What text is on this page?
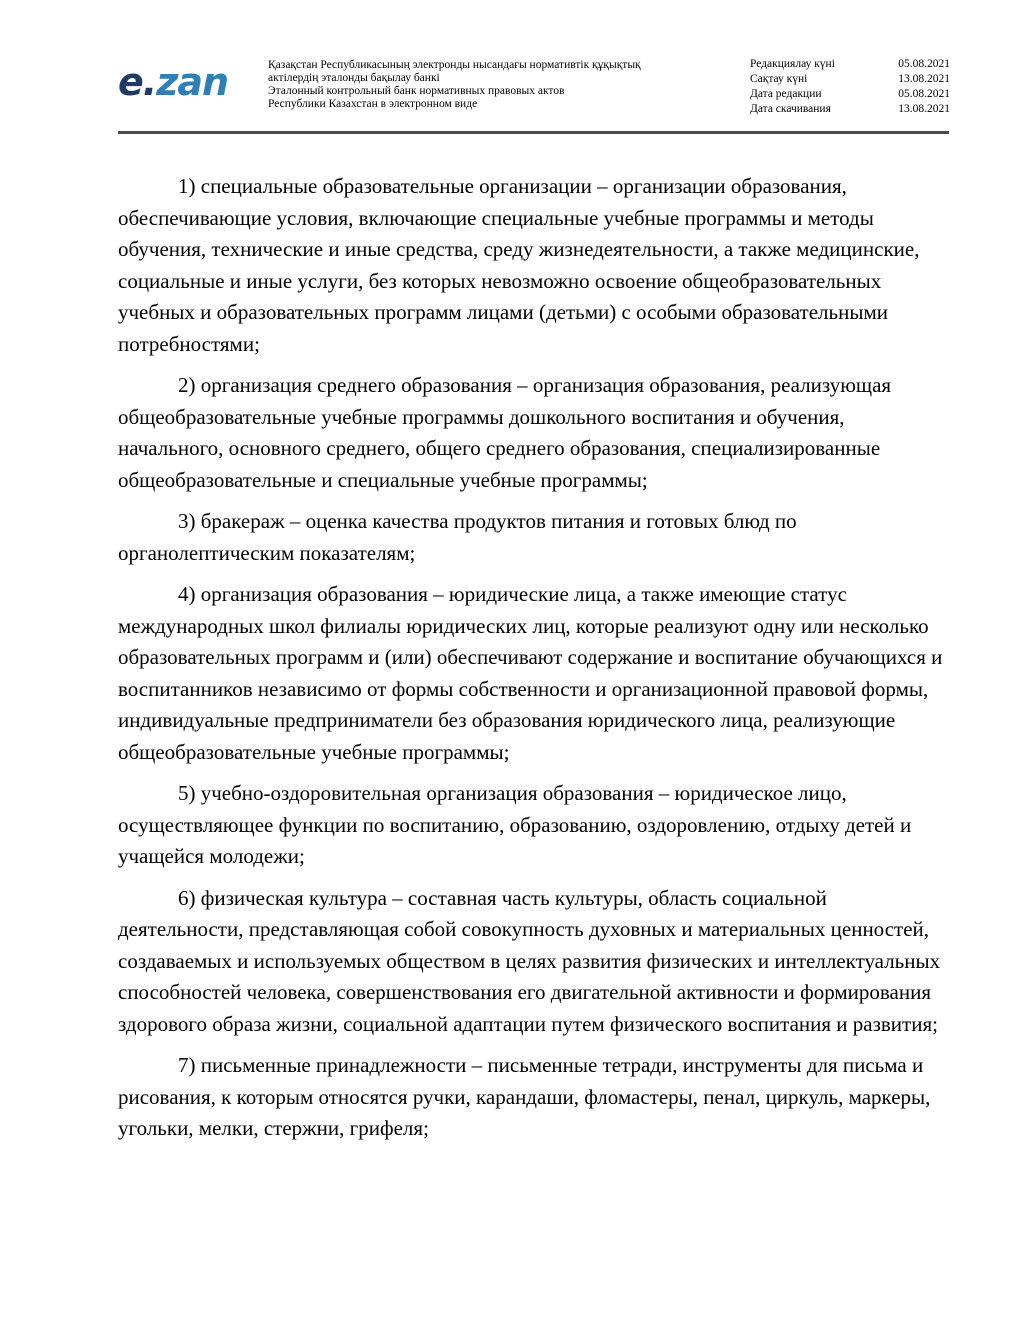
e.zan	Қазақстан Республикасының электронды нысандағы нормативтік құқықтық
актілердің эталонды бақылау банкі
Эталонный контрольный банк нормативных правовых актов
Республики Казахстан в электронном виде
Редакциялау күні	05.08.2021
Сақтау күні	13.08.2021
Дата редакции	05.08.2021
Дата скачивания	13.08.2021

1) специальные образовательные организации – организации образования, обеспечивающие условия, включающие специальные учебные программы и методы обучения, технические и иные средства, среду жизнедеятельности, а также медицинские, социальные и иные услуги, без которых невозможно освоение общеобразовательных учебных и образовательных программ лицами (детьми) с особыми образовательными потребностями;

2) организация среднего образования – организация образования, реализующая общеобразовательные учебные программы дошкольного воспитания и обучения, начального, основного среднего, общего среднего образования, специализированные общеобразовательные и специальные учебные программы;

3) бракераж – оценка качества продуктов питания и готовых блюд по органолептическим показателям;

4) организация образования – юридические лица, а также имеющие статус международных школ филиалы юридических лиц, которые реализуют одну или несколько образовательных программ и (или) обеспечивают содержание и воспитание обучающихся и воспитанников независимо от формы собственности и организационной правовой формы, индивидуальные предприниматели без образования юридического лица, реализующие общеобразовательные учебные программы;

5) учебно-оздоровительная организация образования – юридическое лицо, осуществляющее функции по воспитанию, образованию, оздоровлению, отдыху детей и учащейся молодежи;

6) физическая культура – составная часть культуры, область социальной деятельности, представляющая собой совокупность духовных и материальных ценностей, создаваемых и используемых обществом в целях развития физических и интеллектуальных способностей человека, совершенствования его двигательной активности и формирования здорового образа жизни, социальной адаптации путем физического воспитания и развития;

7) письменные принадлежности – письменные тетради, инструменты для письма и рисования, к которым относятся ручки, карандаши, фломастеры, пенал, циркуль, маркеры, угольки, мелки, стержни, грифеля;
